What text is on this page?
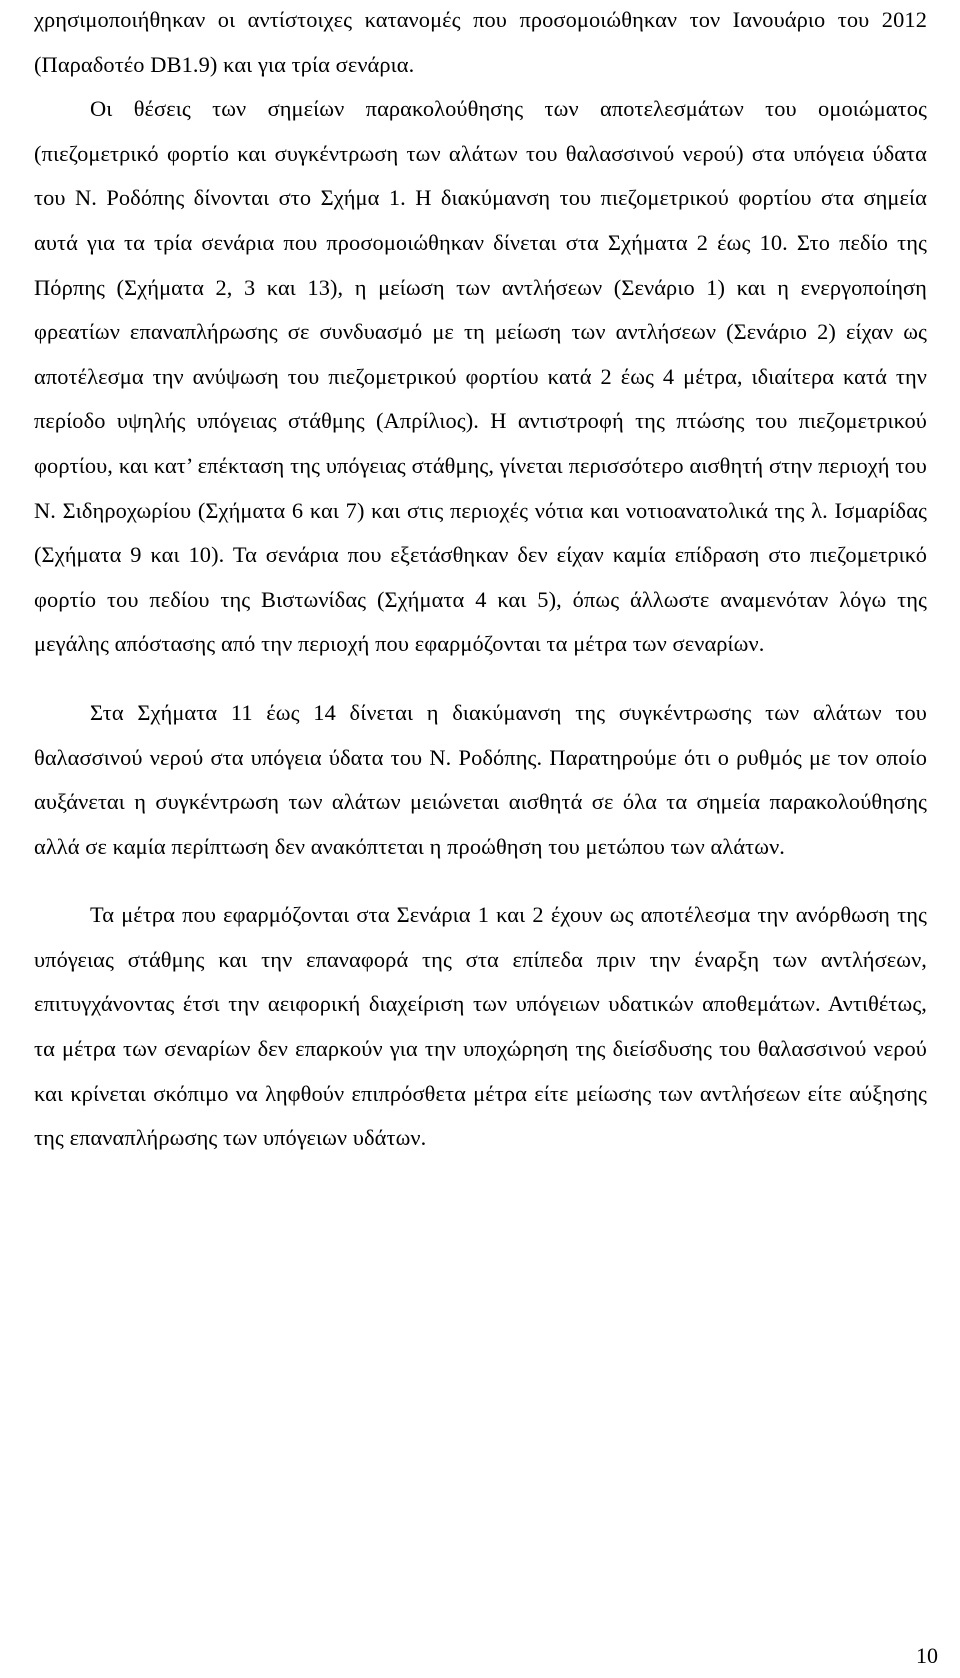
χρησιμοποιήθηκαν οι αντίστοιχες κατανομές που προσομοιώθηκαν τον Ιανουάριο του 2012 (Παραδοτέο DB1.9) και για τρία σενάρια.

Οι θέσεις των σημείων παρακολούθησης των αποτελεσμάτων του ομοιώματος (πιεζομετρικό φορτίο και συγκέντρωση των αλάτων του θαλασσινού νερού) στα υπόγεια ύδατα του Ν. Ροδόπης δίνονται στο Σχήμα 1. Η διακύμανση του πιεζομετρικού φορτίου στα σημεία αυτά για τα τρία σενάρια που προσομοιώθηκαν δίνεται στα Σχήματα 2 έως 10. Στο πεδίο της Πόρπης (Σχήματα 2, 3 και 13), η μείωση των αντλήσεων (Σενάριο 1) και η ενεργοποίηση φρεατίων επαναπλήρωσης σε συνδυασμό με τη μείωση των αντλήσεων (Σενάριο 2) είχαν ως αποτέλεσμα την ανύψωση του πιεζομετρικού φορτίου κατά 2 έως 4 μέτρα, ιδιαίτερα κατά την περίοδο υψηλής υπόγειας στάθμης (Απρίλιος). Η αντιστροφή της πτώσης του πιεζομετρικού φορτίου, και κατ’ επέκταση της υπόγειας στάθμης, γίνεται περισσότερο αισθητή στην περιοχή του Ν. Σιδηροχωρίου (Σχήματα 6 και 7) και στις περιοχές νότια και νοτιοανατολικά της λ. Ισμαρίδας (Σχήματα 9 και 10). Τα σενάρια που εξετάσθηκαν δεν είχαν καμία επίδραση στο πιεζομετρικό φορτίο του πεδίου της Βιστωνίδας (Σχήματα 4 και 5), όπως άλλωστε αναμενόταν λόγω της μεγάλης απόστασης από την περιοχή που εφαρμόζονται τα μέτρα των σεναρίων.

Στα Σχήματα 11 έως 14 δίνεται η διακύμανση της συγκέντρωσης των αλάτων του θαλασσινού νερού στα υπόγεια ύδατα του Ν. Ροδόπης. Παρατηρούμε ότι ο ρυθμός με τον οποίο αυξάνεται η συγκέντρωση των αλάτων μειώνεται αισθητά σε όλα τα σημεία παρακολούθησης αλλά σε καμία περίπτωση δεν ανακόπτεται η προώθηση του μετώπου των αλάτων.

Τα μέτρα που εφαρμόζονται στα Σενάρια 1 και 2 έχουν ως αποτέλεσμα την ανόρθωση της υπόγειας στάθμης και την επαναφορά της στα επίπεδα πριν την έναρξη των αντλήσεων, επιτυγχάνοντας έτσι την αειφορική διαχείριση των υπόγειων υδατικών αποθεμάτων. Αντιθέτως, τα μέτρα των σεναρίων δεν επαρκούν για την υποχώρηση της διείσδυσης του θαλασσινού νερού και κρίνεται σκόπιμο να ληφθούν επιπρόσθετα μέτρα είτε μείωσης των αντλήσεων είτε αύξησης της επαναπλήρωσης των υπόγειων υδάτων.

10
